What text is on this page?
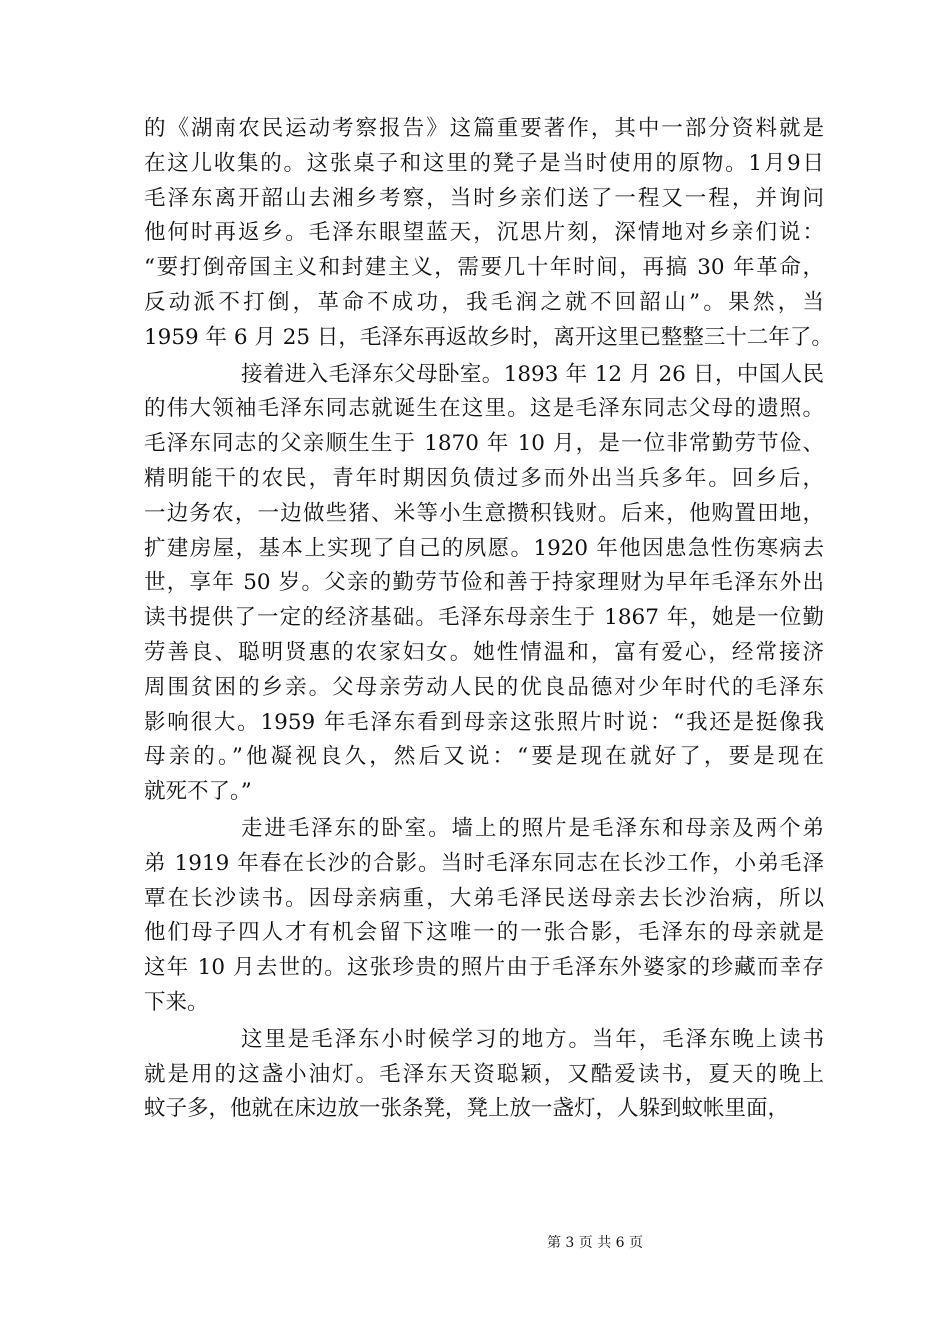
的《湖南农民运动考察报告》这篇重要著作，其中一部分资料就是
在这儿收集的。这张桌子和这里的凳子是当时使用的原物。1月9日
毛泽东离开韶山去湘乡考察，当时乡亲们送了一程又一程，并询问
他何时再返乡。毛泽东眼望蓝天，沉思片刻，深情地对乡亲们说：
“要打倒帝国主义和封建主义，需要几十年时间，再搞 30 年革命，
反动派不打倒，革命不成功，我毛润之就不回韶山”。果然，当
1959 年 6 月 25 日，毛泽东再返故乡时，离开这里已整整三十二年了。
接着进入毛泽东父母卧室。1893 年 12 月 26 日，中国人民
的伟大领袖毛泽东同志就诞生在这里。这是毛泽东同志父母的遗照。
毛泽东同志的父亲顺生生于 1870 年 10 月，是一位非常勤劳节俭、
精明能干的农民，青年时期因负债过多而外出当兵多年。回乡后，
一边务农，一边做些猪、米等小生意攒积钱财。后来，他购置田地，
扩建房屋，基本上实现了自己的夙愿。1920 年他因患急性伤寒病去
世，享年 50 岁。父亲的勤劳节俭和善于持家理财为早年毛泽东外出
读书提供了一定的经济基础。毛泽东母亲生于 1867 年，她是一位勤
劳善良、聪明贤惠的农家妇女。她性情温和，富有爱心，经常接济
周围贫困的乡亲。父母亲劳动人民的优良品德对少年时代的毛泽东
影响很大。1959 年毛泽东看到母亲这张照片时说：“我还是挺像我
母亲的。”他凝视良久，然后又说：“要是现在就好了，要是现在
就死不了。”
走进毛泽东的卧室。墙上的照片是毛泽东和母亲及两个弟
弟 1919 年春在长沙的合影。当时毛泽东同志在长沙工作，小弟毛泽
覃在长沙读书。因母亲病重，大弟毛泽民送母亲去长沙治病，所以
他们母子四人才有机会留下这唯一的一张合影，毛泽东的母亲就是
这年 10 月去世的。这张珍贵的照片由于毛泽东外婆家的珍藏而幸存
下来。
这里是毛泽东小时候学习的地方。当年，毛泽东晚上读书
就是用的这盏小油灯。毛泽东天资聪颖，又酷爱读书，夏天的晚上
蚊子多，他就在床边放一张条凳，凳上放一盏灯，人躲到蚊帐里面，
第 3 页 共 6 页
